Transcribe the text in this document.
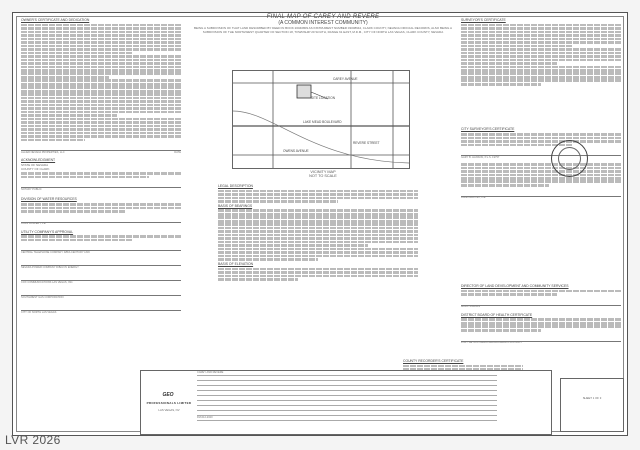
FINAL MAP OF CAREY AND REVERE
(A COMMON INTEREST COMMUNITY)
BEING A SUBDIVISION OF THAT LAND DESCRIBED BY DEED IN BOOK 20040809 AS INSTRUMENT NUMBER 03008942, CLARK COUNTY, NEVADA OFFICIAL RECORDS, ALSO BEING A SUBDIVISION OF THE NORTHWEST QUARTER OF SECTION 18, TOWNSHIP 20 SOUTH, RANGE 61 EAST, M.D.M., CITY OF NORTH LAS VEGAS, CLARK COUNTY, NEVADA
OWNER'S CERTIFICATE AND DEDICATION
ALLIED NEVADA PROPERTIES, LLC	DATE
ACKNOWLEDGMENT
STATE OF NEVADA
COUNTY OF CLARK
NOTARY PUBLIC
DIVISION OF WATER RESOURCES
JOHN GOLLERY, PE
UTILITY COMPANY'S APPROVAL
CENTRAL TELEPHONE COMPANY D/B/A CENTURY LINK
NEVADA POWER COMPANY D/B/A NV ENERGY
COX COMMUNICATIONS LAS VEGAS, INC.
SOUTHWEST GAS CORPORATION
CITY OF NORTH LAS VEGAS
SITE LOCATION
CAREY AVENUE
LAKE MEAD BOULEVARD
OWENS AVENUE
REVERE STREET
VICINITY MAP
NOT TO SCALE
LEGAL DESCRIPTION
BASIS OF BEARINGS
BASIS OF ELEVATION
SURVEYOR'S CERTIFICATE
CITY SURVEYOR'S CERTIFICATE
GARY B. HANSON, P.L.S. 19757
DALE HARTLEY, P.E.
DIRECTOR OF LAND DEVELOPMENT AND COMMUNITY SERVICES
MARC JORDAN
DISTRICT BOARD OF HEALTH CERTIFICATE
FOR THE SOUTHERN NEVADA HEALTH DISTRICT
COUNTY RECORDER'S CERTIFICATE
GEO
PROFESSIONALS LIMITED
LAS VEGAS, NV
CAREY AND REVERE
FM-012-2020
SHEET 1 OF 3
LVR 2026
